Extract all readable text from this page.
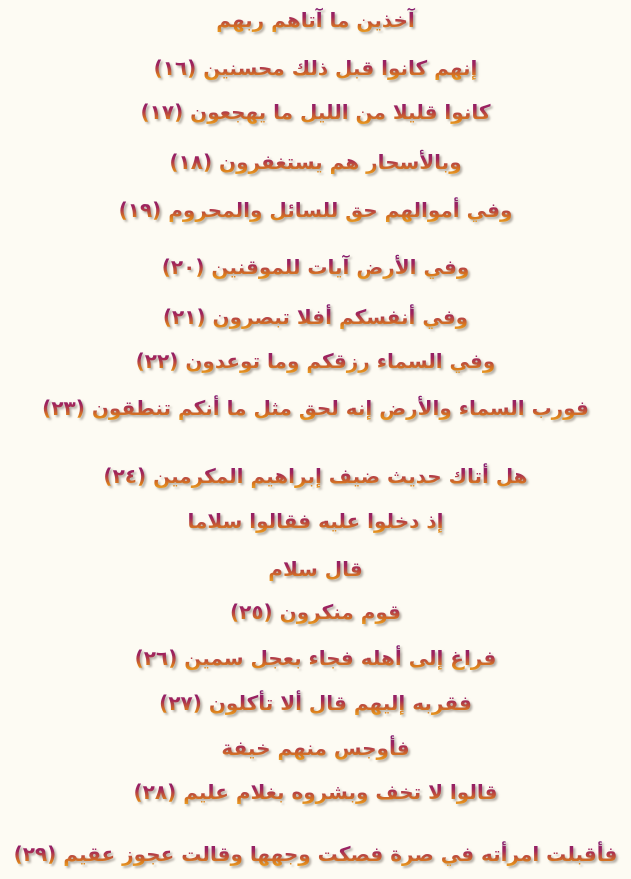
آخذين ما آتاهم ربهم
إنهم كانوا قبل ذلك محسنين (١٦)
كانوا قليلا من الليل ما يهجعون (١٧)
وبالأسحار هم يستغفرون (١٨)
وفي أموالهم حق للسائل والمحروم (١٩)
وفي الأرض آيات للموقنين (٢٠)
وفي أنفسكم أفلا تبصرون (٢١)
وفي السماء رزقكم وما توعدون (٢٢)
فورب السماء والأرض إنه لحق مثل ما أنكم تنطقون (٢٣)
هل أتاك حديث ضيف إبراهيم المكرمين (٢٤)
إذ دخلوا عليه فقالوا سلاما
قال سلام
قوم منكرون (٢٥)
فراغ إلى أهله فجاء بعجل سمين (٢٦)
فقربه إليهم قال ألا تأكلون (٢٧)
فأوجس منهم خيفة
قالوا لا تخف وبشروه بغلام عليم (٢٨)
فأقبلت امرأته في صرة فصكت وجهها وقالت عجوز عقيم (٢٩)
